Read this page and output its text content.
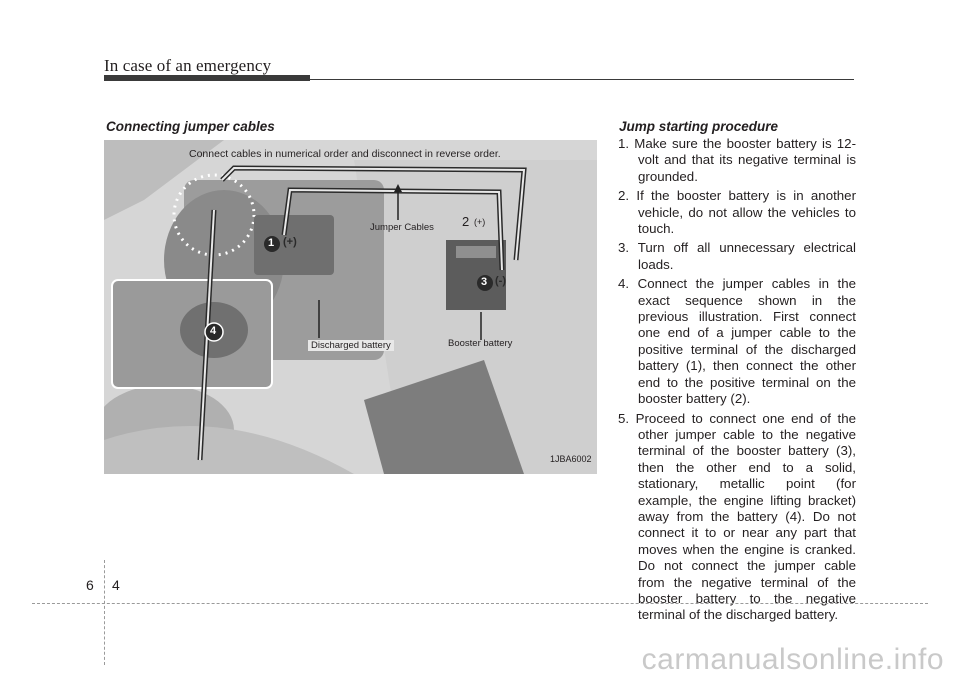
In case of an emergency
Connecting jumper cables
Connect cables in numerical order and disconnect in reverse order.
Jumper Cables
Discharged battery	Booster battery
1JBA6002
1 (+)
2 (+)
3 (-)
4
Jump starting procedure
1. Make sure the booster battery is 12-volt and that its negative terminal is grounded.
2. If the booster battery is in another vehicle, do not allow the vehicles to touch.
3. Turn off all unnecessary electrical loads.
4. Connect the jumper cables in the exact sequence shown in the previous illustration. First connect one end of a jumper cable to the positive terminal of the discharged battery (1), then connect the other end to the positive terminal on the booster battery (2).
5. Proceed to connect one end of the other jumper cable to the negative terminal of the booster battery (3), then the other end to a solid, stationary, metallic point (for example, the engine lifting bracket) away from the battery (4). Do not connect it to or near any part that moves when the engine is cranked. Do not connect the jumper cable from the negative terminal of the booster battery to the negative terminal of the discharged battery.
6 4
carmanualsonline.info
